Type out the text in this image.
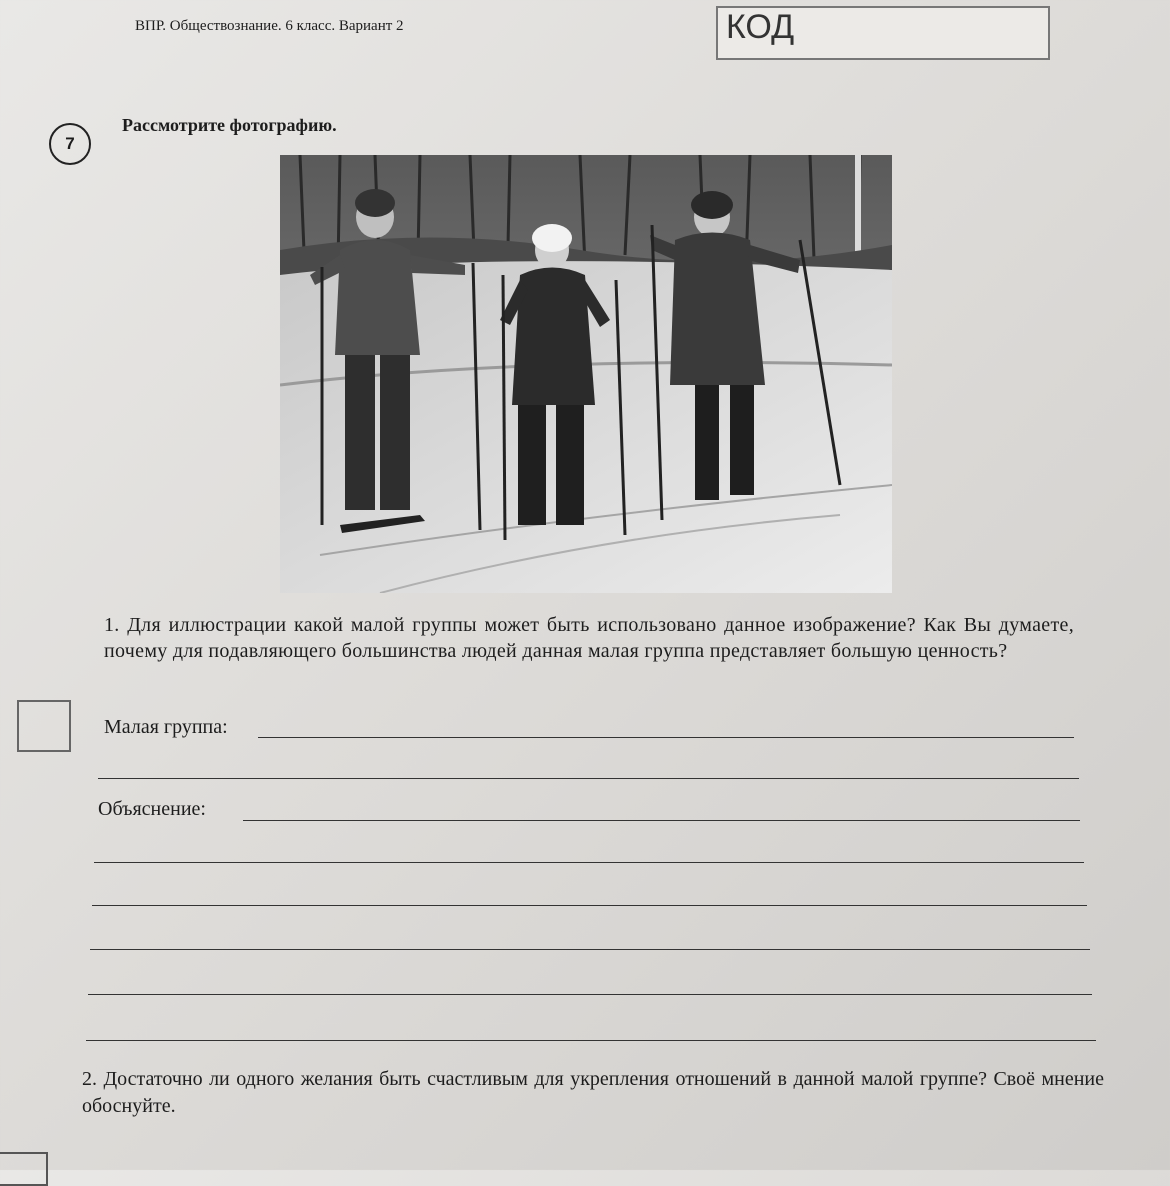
ВПР. Обществознание. 6 класс. Вариант 2	КОД
7
Рассмотрите фотографию.
1. Для иллюстрации какой малой группы может быть использовано данное изображение? Как Вы думаете, почему для подавляющего большинства людей данная малая группа представляет большую ценность?
Малая группа:
Объяснение:
2. Достаточно ли одного желания быть счастливым для укрепления отношений в данной малой группе? Своё мнение обоснуйте.
